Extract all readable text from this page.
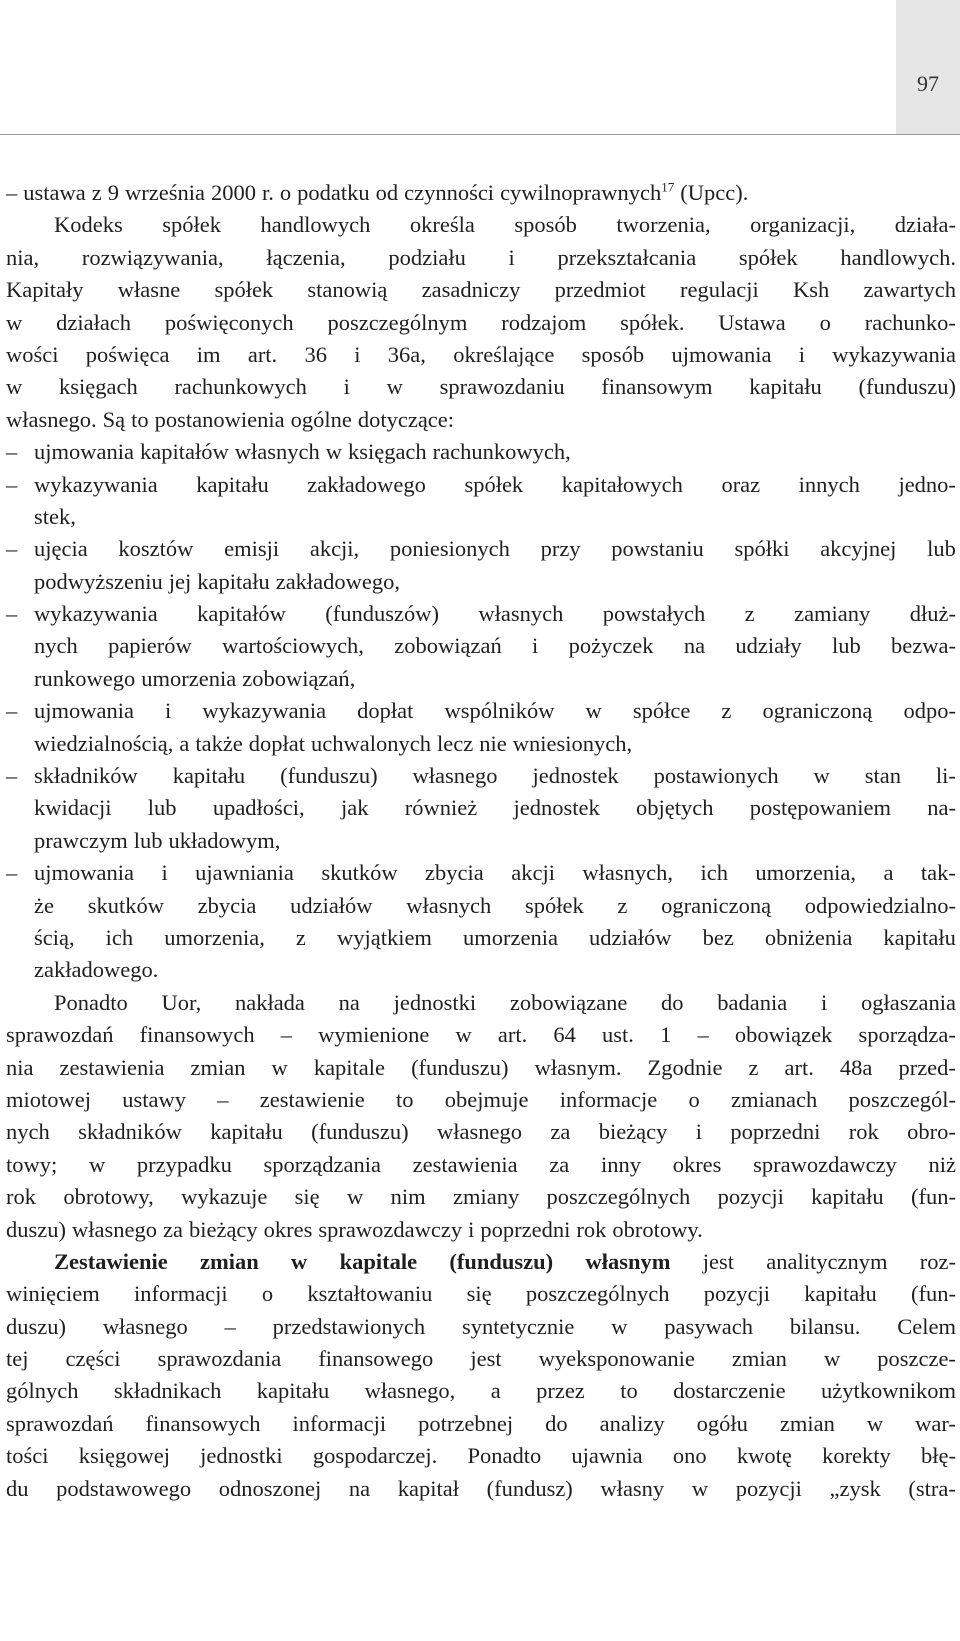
97
– ustawa z 9 września 2000 r. o podatku od czynności cywilnoprawnych$^{17}$ (Upcc).
Kodeks spółek handlowych określa sposób tworzenia, organizacji, działa-
nia, rozwiązywania, łączenia, podziału i przekształcania spółek handlowych.
Kapitały własne spółek stanowią zasadniczy przedmiot regulacji Ksh zawartych
w działach poświęconych poszczególnym rodzajom spółek. Ustawa o rachunko-
wości poświęca im art. 36 i 36a, określające sposób ujmowania i wykazywania
w księgach rachunkowych i w sprawozdaniu finansowym kapitału (funduszu)
własnego. Są to postanowienia ogólne dotyczące:
– ujmowania kapitałów własnych w księgach rachunkowych,
– wykazywania kapitału zakładowego spółek kapitałowych oraz innych jedno-
stek,
– ujęcia kosztów emisji akcji, poniesionych przy powstaniu spółki akcyjnej lub
podwyższeniu jej kapitału zakładowego,
– wykazywania kapitałów (funduszów) własnych powstałych z zamiany dłuż-
nych papierów wartościowych, zobowiązań i pożyczek na udziały lub bezwa-
runkowego umorzenia zobowiązań,
– ujmowania i wykazywania dopłat wspólników w spółce z ograniczoną odpo-
wiedzialnością, a także dopłat uchwalonych lecz nie wniesionych,
– składników kapitału (funduszu) własnego jednostek postawionych w stan li-
kwidacji lub upadłości, jak również jednostek objętych postępowaniem na-
prawczym lub układowym,
– ujmowania i ujawniania skutków zbycia akcji własnych, ich umorzenia, a tak-
że skutków zbycia udziałów własnych spółek z ograniczoną odpowiedzialno-
ścią, ich umorzenia, z wyjątkiem umorzenia udziałów bez obniżenia kapitału
zakładowego.
Ponadto Uor, nakłada na jednostki zobowiązane do badania i ogłaszania
sprawozdań finansowych – wymienione w art. 64 ust. 1 – obowiązek sporządza-
nia zestawienia zmian w kapitale (funduszu) własnym. Zgodnie z art. 48a przed-
miotowej ustawy – zestawienie to obejmuje informacje o zmianach poszczegól-
nych składników kapitału (funduszu) własnego za bieżący i poprzedni rok obro-
towy; w przypadku sporządzania zestawienia za inny okres sprawozdawczy niż
rok obrotowy, wykazuje się w nim zmiany poszczególnych pozycji kapitału (fun-
duszu) własnego za bieżący okres sprawozdawczy i poprzedni rok obrotowy.
Zestawienie zmian w kapitale (funduszu) własnym jest analitycznym roz-
winięciem informacji o kształtowaniu się poszczególnych pozycji kapitału (fun-
duszu) własnego – przedstawionych syntetycznie w pasywach bilansu. Celem
tej części sprawozdania finansowego jest wyeksponowanie zmian w poszcze-
gólnych składnikach kapitału własnego, a przez to dostarczenie użytkownikom
sprawozdań finansowych informacji potrzebnej do analizy ogółu zmian w war-
tości księgowej jednostki gospodarczej. Ponadto ujawnia ono kwotę korekty błę-
du podstawowego odnoszonej na kapitał (fundusz) własny w pozycji „zysk (stra-
